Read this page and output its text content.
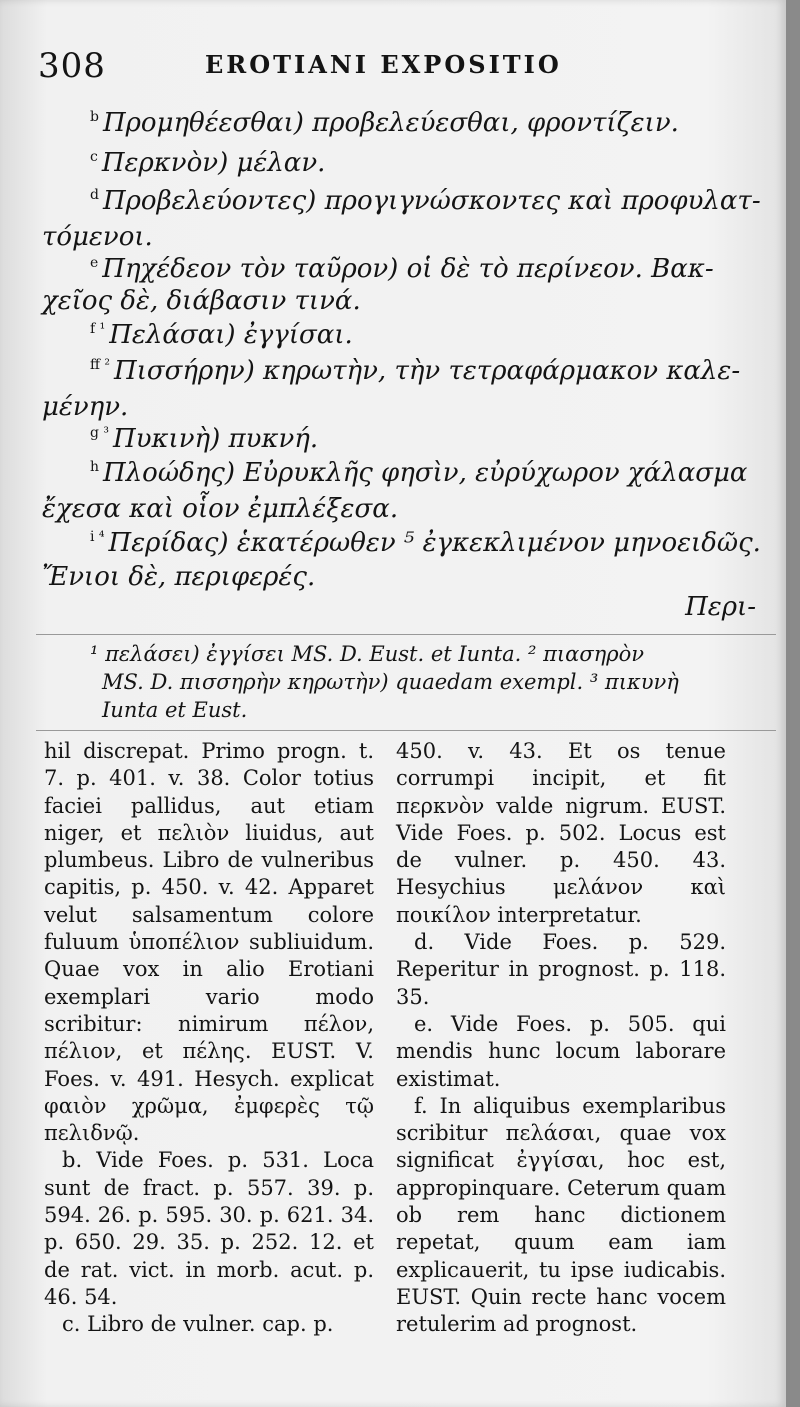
308	EROTIANI EXPOSITIO
$^b$ Προμηθέεσθαι) προβελεύεσθαι, φροντίζειν.
$^c$ Περκνὸν) μέλαν.
$^d$ Προβελεύοντες) προγιγνώσκοντες καὶ προφυλατ-
τόμενοι.
$^e$ Πηχέδεον τὸν ταῦρον) οἱ δὲ τὸ περίνεον. Βακ-
χεῖος δὲ, διάβασιν τινά.
$^{f ^1}$ Πελάσαι) ἐγγίσαι.
$^{ff ^2}$ Πισσήρην) κηρωτὴν, τὴν τετραφάρμακον καλε-
μένην.
$^{g ^3}$ Πυκινὴ) πυκνή.
$^h$ Πλοώδης) Εὐρυκλῆς φησὶν, εὐρύχωρον χάλασμα
ἔχεσα καὶ οἷον ἐμπλέξεσα.
$^{i ^4}$ Περίδας) ἑκατέρωθεν ⁵ ἐγκεκλιμένον μηνοειδῶς.
Ἔνιοι δὲ, περιφερές.
Περι-
¹ πελάσει) ἐγγίσει MS. D. Eust. et Iunta. ² πιασηρὸν
MS. D. πισσηρὴν κηρωτὴν) quaedam exempl. ³ πικυνὴ
Iunta et Eust.

hil discrepat. Primo progn. t. 7. p. 401. v. 38. Color totius faciei pallidus, aut etiam niger, et πελιὸν liuidus, aut plumbeus. Libro de vulneribus capitis, p. 450. v. 42. Apparet velut salsamentum colore fuluum ὑποπέλιον subliuidum. Quae vox in alio Erotiani exemplari vario modo scribitur: nimirum πέλον, πέλιον, et πέλης. EUST. V. Foes. v. 491. Hesych. explicat φαιὸν χρῶμα, ἐμφερὲς τῷ πελιδνῷ.

b. Vide Foes. p. 531. Loca sunt de fract. p. 557. 39. p. 594. 26. p. 595. 30. p. 621. 34. p. 650. 29. 35. p. 252. 12. et de rat. vict. in morb. acut. p. 46. 54.

c. Libro de vulner. cap. p.

450. v. 43. Et os tenue corrumpi incipit, et fit περκνὸν valde nigrum. EUST. Vide Foes. p. 502. Locus est de vulner. p. 450. 43. Hesychius μελάνον καὶ ποικίλον interpretatur.

d. Vide Foes. p. 529. Reperitur in prognost. p. 118. 35.

e. Vide Foes. p. 505. qui mendis hunc locum laborare existimat.

f. In aliquibus exemplaribus scribitur πελάσαι, quae vox significat ἐγγίσαι, hoc est, appropinquare. Ceterum quam ob rem hanc dictionem repetat, quum eam iam explicauerit, tu ipse iudicabis. EUST. Quin recte hanc vocem retulerim ad prognost.
